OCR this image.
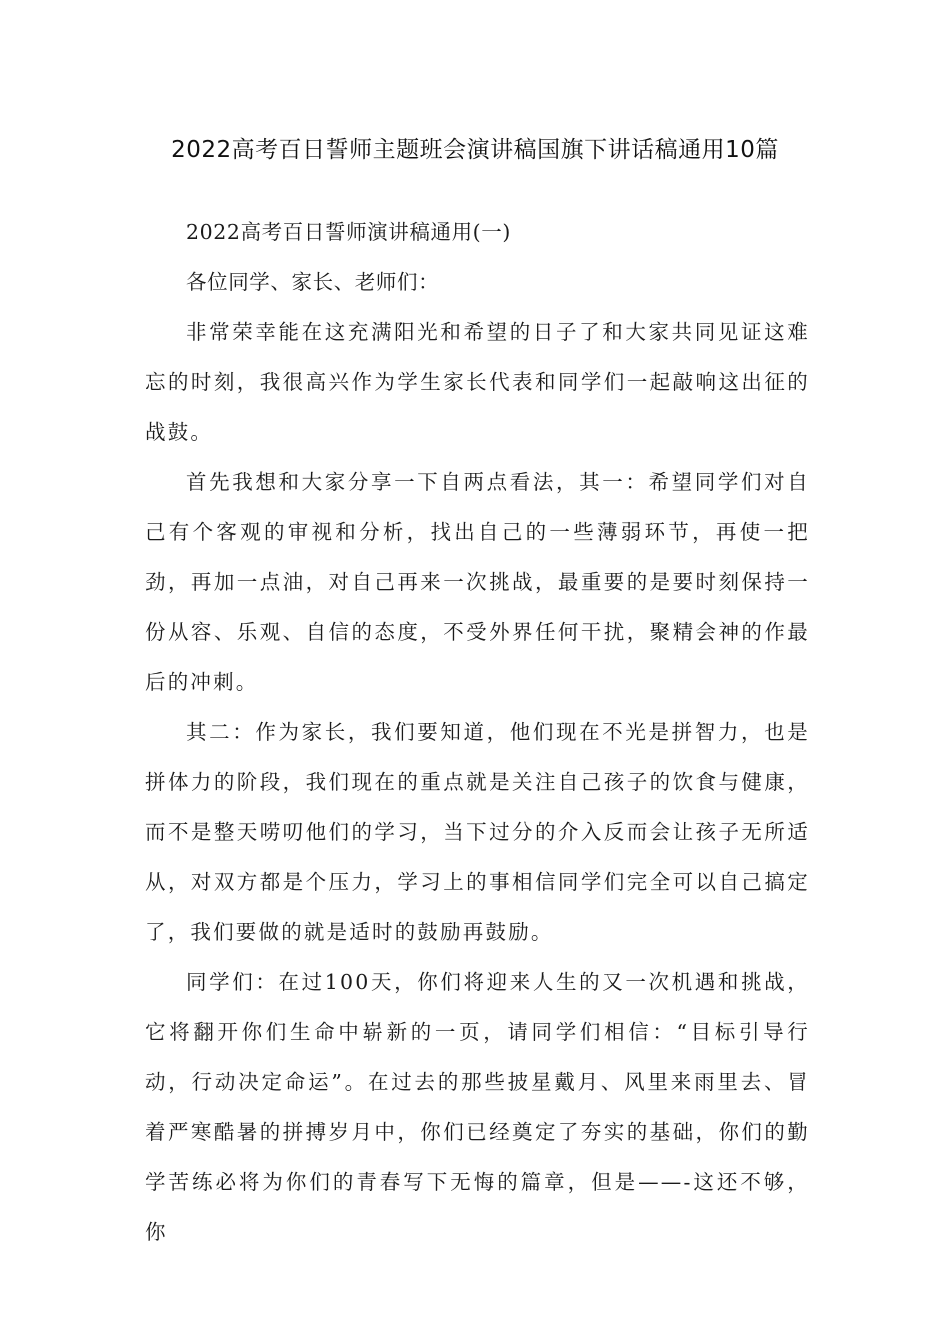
2022高考百日誓师主题班会演讲稿国旗下讲话稿通用10篇

2022高考百日誓师演讲稿通用(一)

各位同学、家长、老师们：

非常荣幸能在这充满阳光和希望的日子了和大家共同见证这难忘的时刻，我很高兴作为学生家长代表和同学们一起敲响这出征的战鼓。

首先我想和大家分享一下自两点看法，其一：希望同学们对自己有个客观的审视和分析，找出自己的一些薄弱环节，再使一把劲，再加一点油，对自己再来一次挑战，最重要的是要时刻保持一份从容、乐观、自信的态度，不受外界任何干扰，聚精会神的作最后的冲刺。

其二：作为家长，我们要知道，他们现在不光是拼智力，也是拼体力的阶段，我们现在的重点就是关注自己孩子的饮食与健康，而不是整天唠叨他们的学习，当下过分的介入反而会让孩子无所适从，对双方都是个压力，学习上的事相信同学们完全可以自己搞定了，我们要做的就是适时的鼓励再鼓励。

同学们：在过100天，你们将迎来人生的又一次机遇和挑战，它将翻开你们生命中崭新的一页，请同学们相信：“目标引导行动，行动决定命运”。在过去的那些披星戴月、风里来雨里去、冒着严寒酷暑的拼搏岁月中，你们已经奠定了夯实的基础，你们的勤学苦练必将为你们的青春写下无悔的篇章，但是——-这还不够，你
